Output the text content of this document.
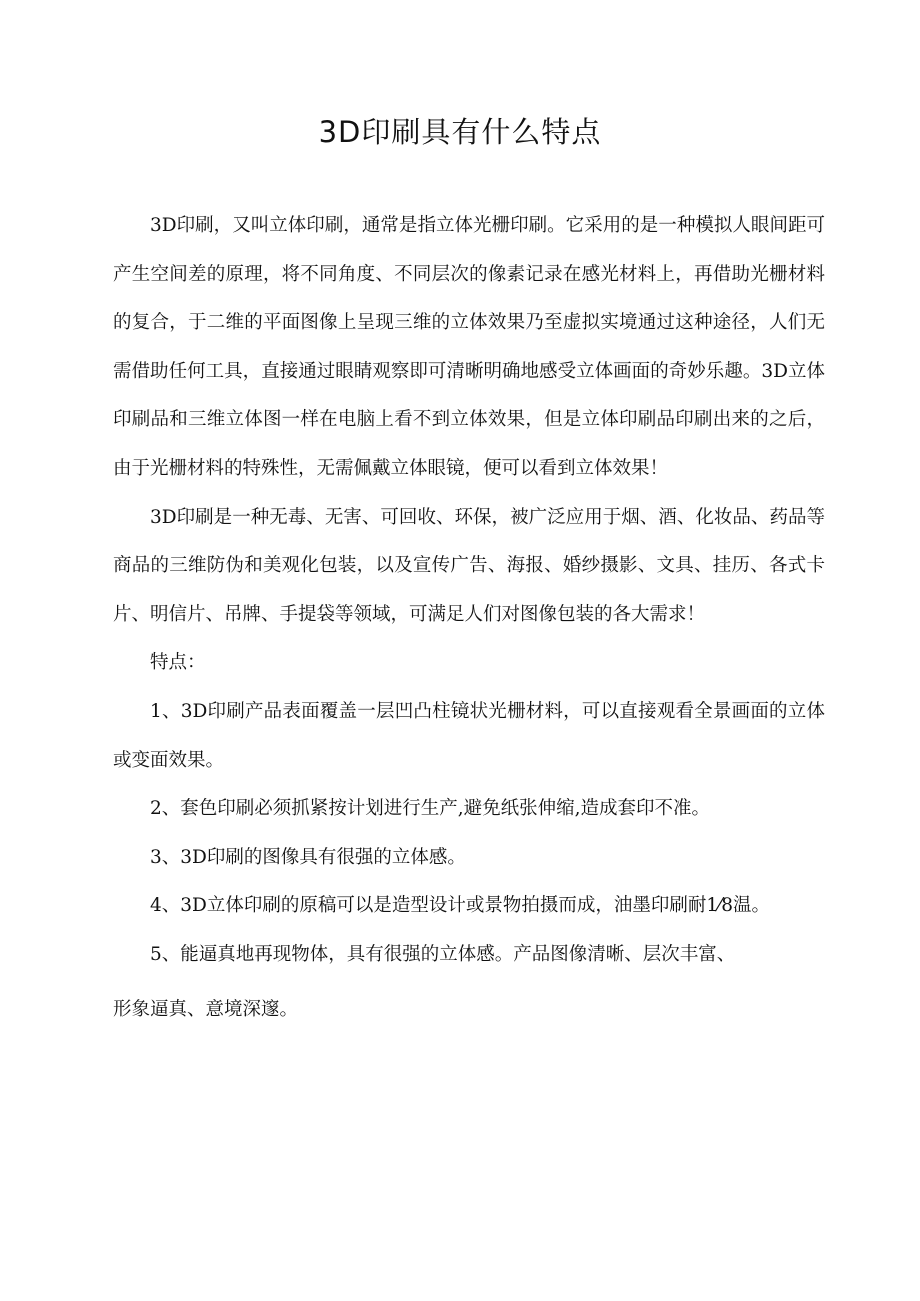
3D印刷具有什么特点

3D印刷，又叫立体印刷，通常是指立体光栅印刷。它采用的是一种模拟人眼间距可产生空间差的原理，将不同角度、不同层次的像素记录在感光材料上，再借助光栅材料的复合，于二维的平面图像上呈现三维的立体效果乃至虚拟实境通过这种途径，人们无需借助任何工具，直接通过眼睛观察即可清晰明确地感受立体画面的奇妙乐趣。3D立体印刷品和三维立体图一样在电脑上看不到立体效果，但是立体印刷品印刷出来的之后，由于光栅材料的特殊性，无需佩戴立体眼镜，便可以看到立体效果！

3D印刷是一种无毒、无害、可回收、环保，被广泛应用于烟、酒、化妆品、药品等商品的三维防伪和美观化包装，以及宣传广告、海报、婚纱摄影、文具、挂历、各式卡片、明信片、吊牌、手提袋等领域，可满足人们对图像包装的各大需求！

特点：

1、3D印刷产品表面覆盖一层凹凸柱镜状光栅材料，可以直接观看全景画面的立体或变面效果。

2、套色印刷必须抓紧按计划进行生产,避免纸张伸缩,造成套印不准。

3、3D印刷的图像具有很强的立体感。

4、3D立体印刷的原稿可以是造型设计或景物拍摄而成，油墨印刷耐1⁄8温。

5、能逼真地再现物体，具有很强的立体感。产品图像清晰、层次丰富、

形象逼真、意境深邃。
